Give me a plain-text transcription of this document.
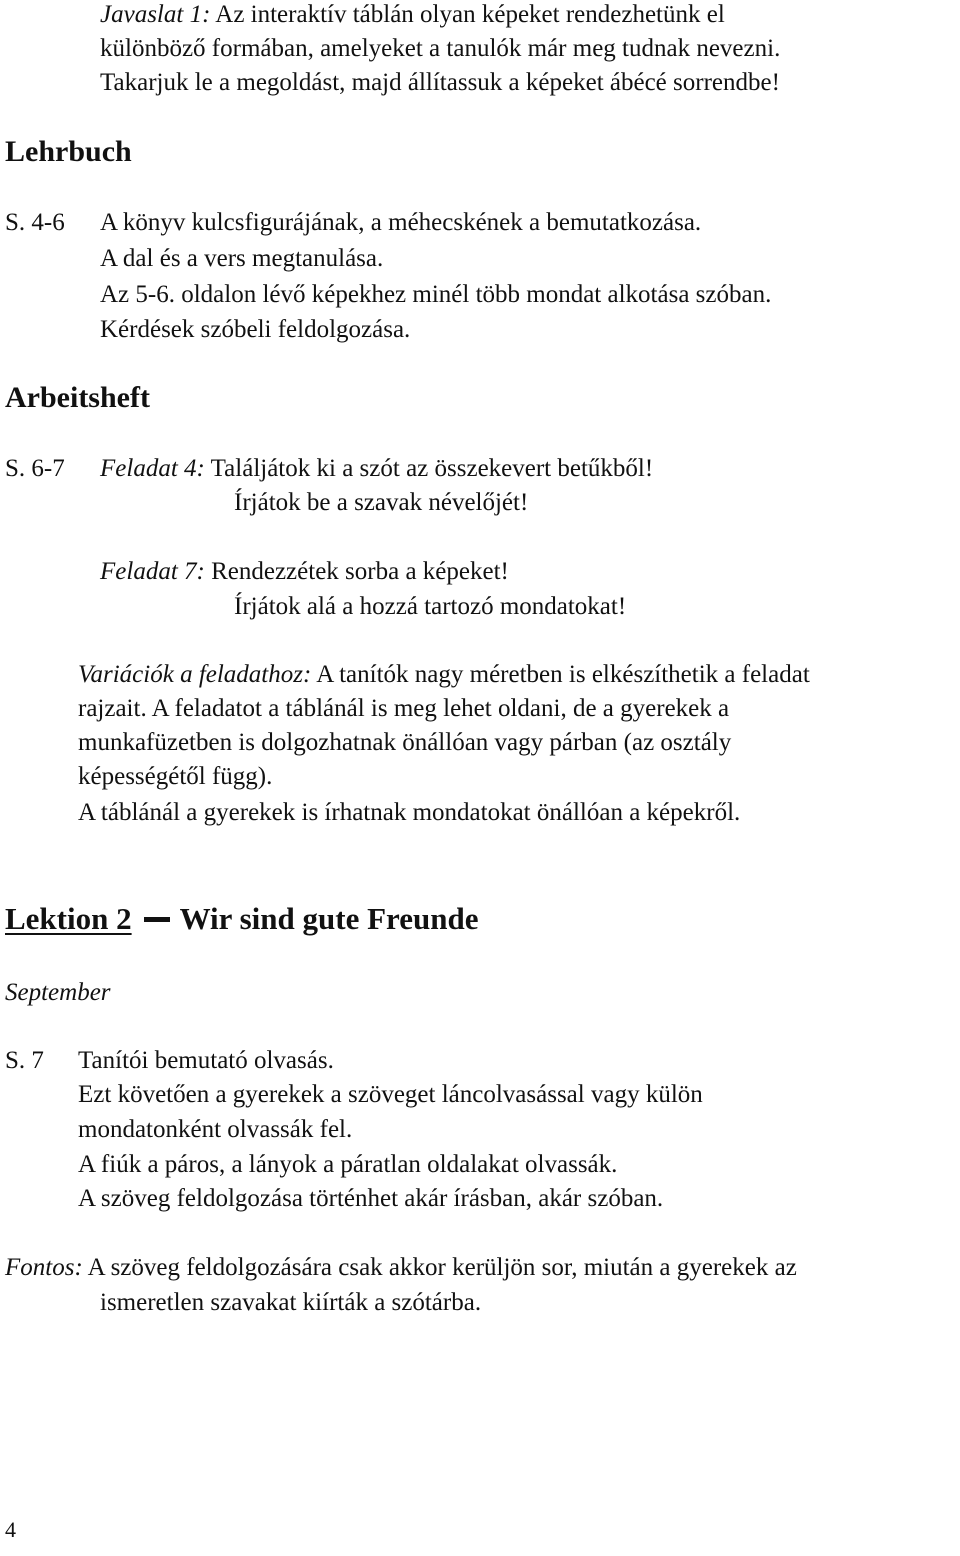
Javaslat 1: Az interaktív táblán olyan képeket rendezhetünk el
különböző formában, amelyeket a tanulók már meg tudnak nevezni.
Takarjuk le a megoldást, majd állítassuk a képeket ábécé sorrendbe!
Lehrbuch
S. 4-6 A könyv kulcsfigurájának, a méhecskének a bemutatkozása.
A dal és a vers megtanulása.
Az 5-6. oldalon lévő képekhez minél több mondat alkotása szóban.
Kérdések szóbeli feldolgozása.
Arbeitsheft
S. 6-7 Feladat 4: Találjátok ki a szót az összekevert betűkből!
Írjátok be a szavak névelőjét!
Feladat 7: Rendezzétek sorba a képeket!
Írjátok alá a hozzá tartozó mondatokat!
Variációk a feladathoz: A tanítók nagy méretben is elkészíthetik a feladat
rajzait. A feladatot a táblánál is meg lehet oldani, de a gyerekek a
munkafüzetben is dolgozhatnak önállóan vagy párban (az osztály
képességétől függ).
A táblánál a gyerekek is írhatnak mondatokat önállóan a képekről.
Lektion 2 Wir sind gute Freunde
September
S. 7 Tanítói bemutató olvasás.
Ezt követően a gyerekek a szöveget láncolvasással vagy külön
mondatonként olvassák fel.
A fiúk a páros, a lányok a páratlan oldalakat olvassák.
A szöveg feldolgozása történhet akár írásban, akár szóban.
Fontos: A szöveg feldolgozására csak akkor kerüljön sor, miután a gyerekek az
ismeretlen szavakat kiírták a szótárba.
4
